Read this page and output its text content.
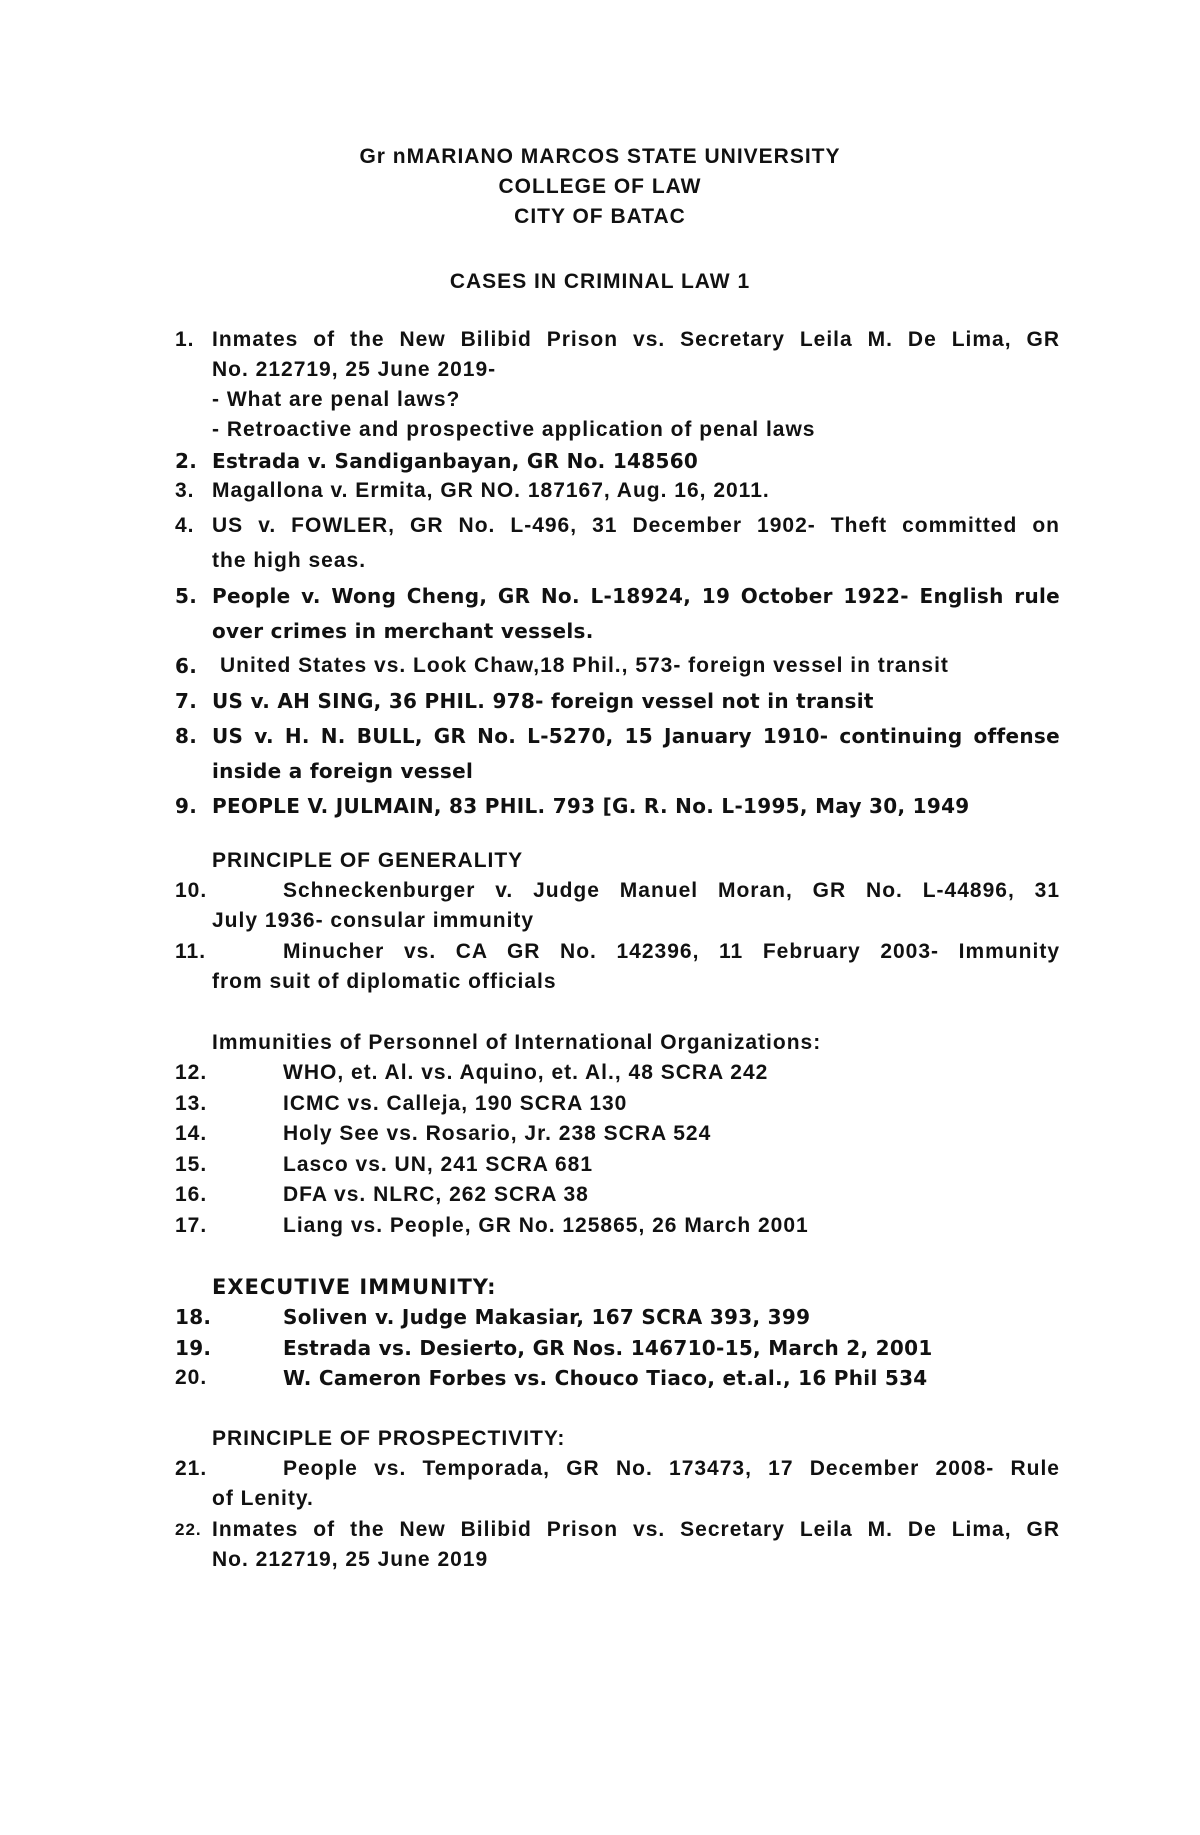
Gr nMARIANO MARCOS STATE UNIVERSITY
COLLEGE OF LAW
CITY OF BATAC
CASES IN CRIMINAL LAW 1
1. Inmates of the New Bilibid Prison vs. Secretary Leila M. De Lima, GR
No. 212719, 25 June 2019-
- What are penal laws?
- Retroactive and prospective application of penal laws
2. Estrada v. Sandiganbayan, GR No. 148560
3. Magallona v. Ermita, GR NO. 187167, Aug. 16, 2011.
4. US v. FOWLER, GR No. L-496, 31 December 1902- Theft committed on
the high seas.
5. People v. Wong Cheng, GR No. L-18924, 19 October 1922- English rule
over crimes in merchant vessels.
6. United States vs. Look Chaw,18 Phil., 573- foreign vessel in transit
7. US v. AH SING, 36 PHIL. 978- foreign vessel not in transit
8. US v. H. N. BULL, GR No. L-5270, 15 January 1910- continuing offense
inside a foreign vessel
9. PEOPLE V. JULMAIN, 83 PHIL. 793 [G. R. No. L-1995, May 30, 1949
PRINCIPLE OF GENERALITY
10.	Schneckenburger v. Judge Manuel Moran, GR No. L-44896, 31
July 1936- consular immunity
11.	Minucher vs. CA GR No. 142396, 11 February 2003- Immunity
from suit of diplomatic officials
Immunities of Personnel of International Organizations:
12.	WHO, et. Al. vs. Aquino, et. Al., 48 SCRA 242
13.	ICMC vs. Calleja, 190 SCRA 130
14.	Holy See vs. Rosario, Jr. 238 SCRA 524
15.	Lasco vs. UN, 241 SCRA 681
16.	DFA vs. NLRC, 262 SCRA 38
17.	Liang vs. People, GR No. 125865, 26 March 2001
EXECUTIVE IMMUNITY:
18.	Soliven v. Judge Makasiar, 167 SCRA 393, 399
19.	Estrada vs. Desierto, GR Nos. 146710-15, March 2, 2001
20.	W. Cameron Forbes vs. Chouco Tiaco, et.al., 16 Phil 534
PRINCIPLE OF PROSPECTIVITY:
21.	People vs. Temporada, GR No. 173473, 17 December 2008- Rule
of Lenity.
22. Inmates of the New Bilibid Prison vs. Secretary Leila M. De Lima, GR
No. 212719, 25 June 2019
